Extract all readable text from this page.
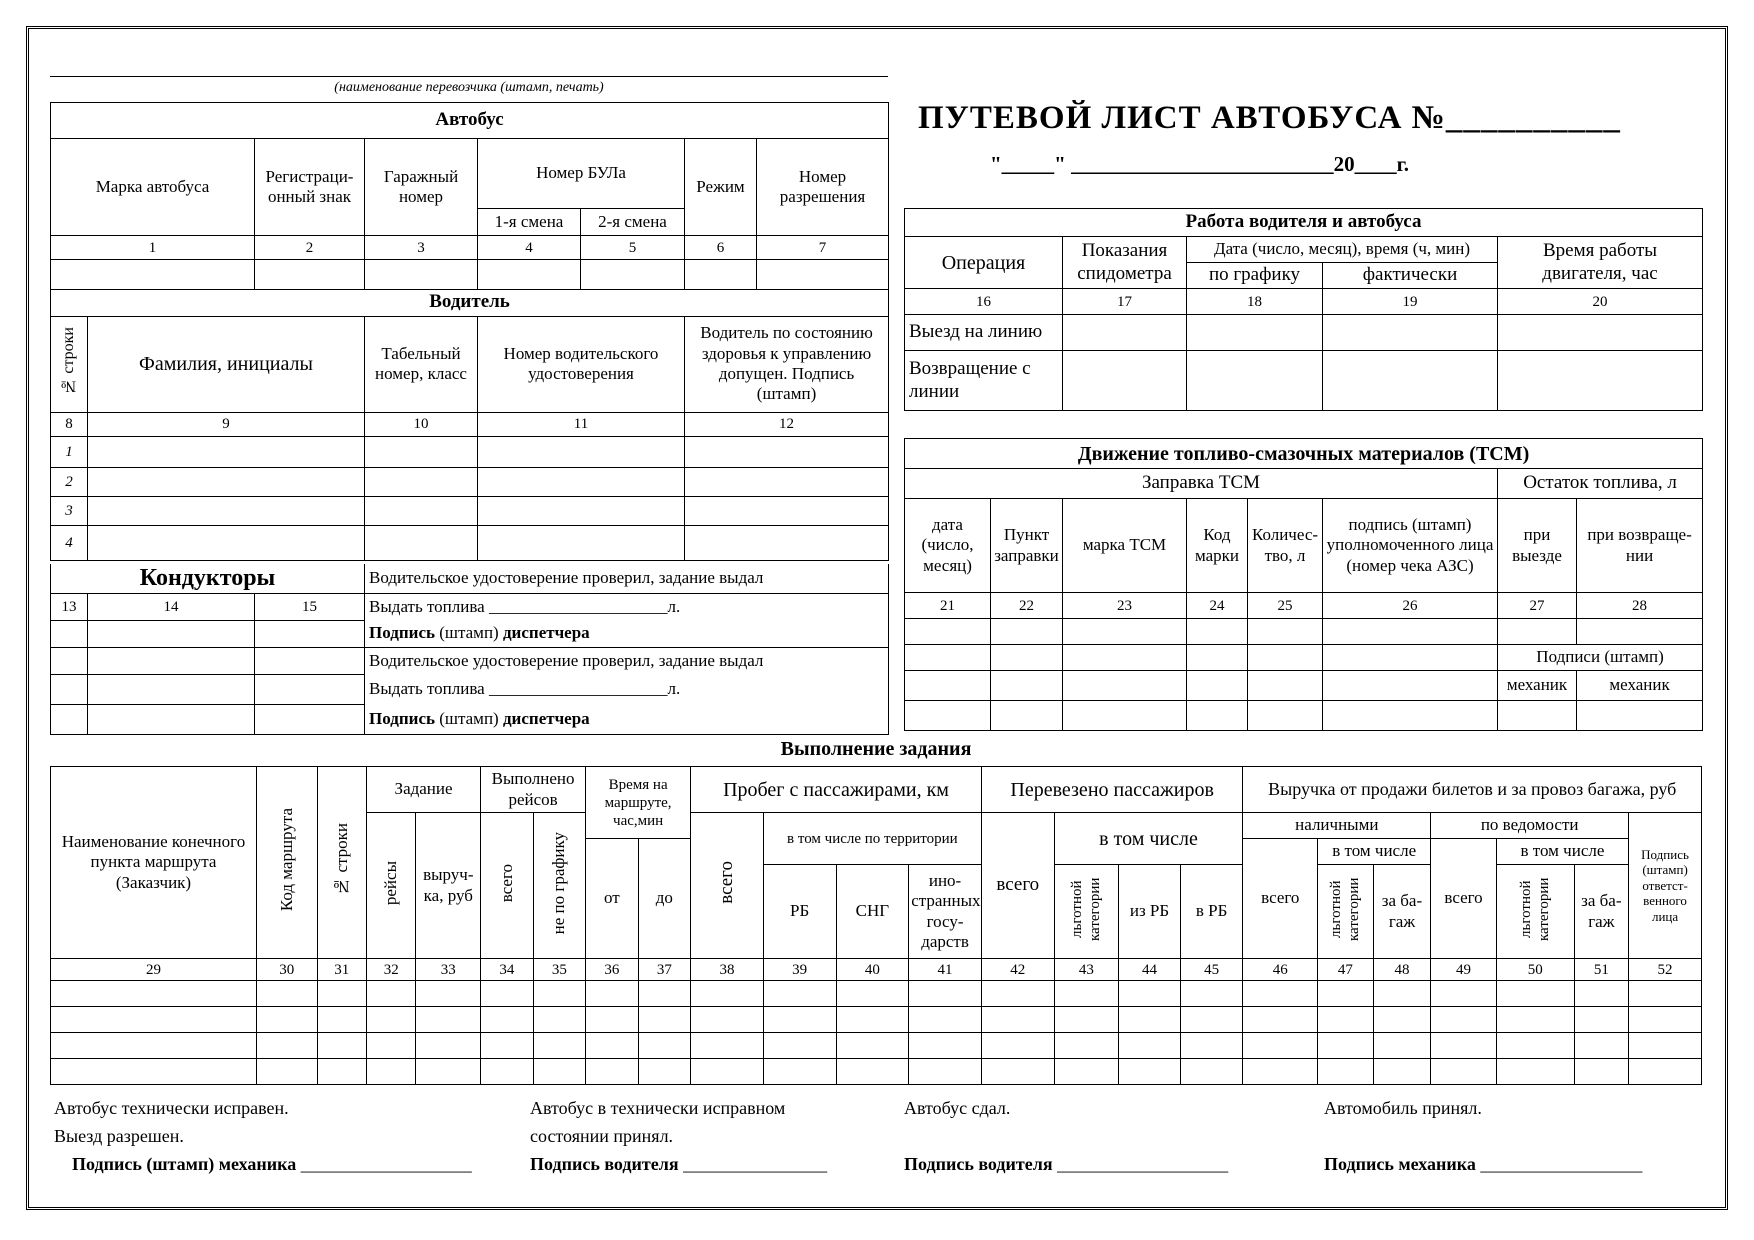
(наименование перевозчика (штамп, печать)
ПУТЕВОЙ ЛИСТ АВТОБУСА №__________
"_____" _________________________20____г.
Автобус						
Марка автобуса	Регистраци-онный знак	Гаражный номер	Номер БУЛа		Режим	Номер разрешения
			1-я смена	2-я смена		
1	2	3	4	5	6	7

Водитель				
№ строки	Фамилия, инициалы	Табельный номер, класс	Номер водительского удостоверения	Водитель по состоянию здоровья к управлению допущен. Подпись (штамп)
8	9	10	11	12
1				
2				
3				
4				
Кондукторы			Водительское удостоверение проверил, задание выдал
13	14	15	Выдать топлива _____________________л.
			Подпись (штамп) диспетчера
			Водительское удостоверение проверил, задание выдал
			Выдать топлива _____________________л.
			Подпись (штамп) диспетчера
Работа водителя и автобуса				
Операция	Показания спидометра	Дата (число, месяц), время (ч, мин)		Время работы двигателя, час
		по графику	фактически	
16	17	18	19	20
Выезд на линию				
Возвращение с линии				
Движение топливо-смазочных материалов (ТСМ)							
Заправка ТСМ						Остаток топлива, л	
дата (число, месяц)	Пункт заправки	марка ТСМ	Код марки	Количес-тво, л	подпись (штамп) уполномоченного лица (номер чека АЗС)	при выезде	при возвраще-нии
21	22	23	24	25	26	27	28

						Подписи (штамп)	
						механик	механик

Выполнение задания
Наименование конечного пункта маршрута (Заказчик)	Код маршрута	№ строки	Задание		Выполнено рейсов		Время на маршруте, час,мин		Пробег с пассажирами, км				Перевезено пассажиров				Выручка от продажи билетов и за провоз багажа, руб						
			рейсы	выруч-ка, руб	всего	не по графику			всего	в том числе по территории			всего	в том числе			наличными			по ведомости			Подпись (штамп) ответст-венного лица
							от	до									всего	в том числе		всего	в том числе		
										РБ	СНГ	ино-странных госу-дарств		льготной категории	из РБ	в РБ		льготной категории	за ба-гаж		льготной категории	за ба-гаж	
29	30	31	32	33	34	35	36	37	38	39	40	41	42	43	44	45	46	47	48	49	50	51	52

Автобус технически исправен.
Выезд разрешен.
Подпись (штамп) механика ___________________
Автобус в технически исправном
состоянии принял.
Подпись водителя ________________
Автобус сдал.
Подпись водителя ___________________
Автомобиль принял.
Подпись механика __________________
